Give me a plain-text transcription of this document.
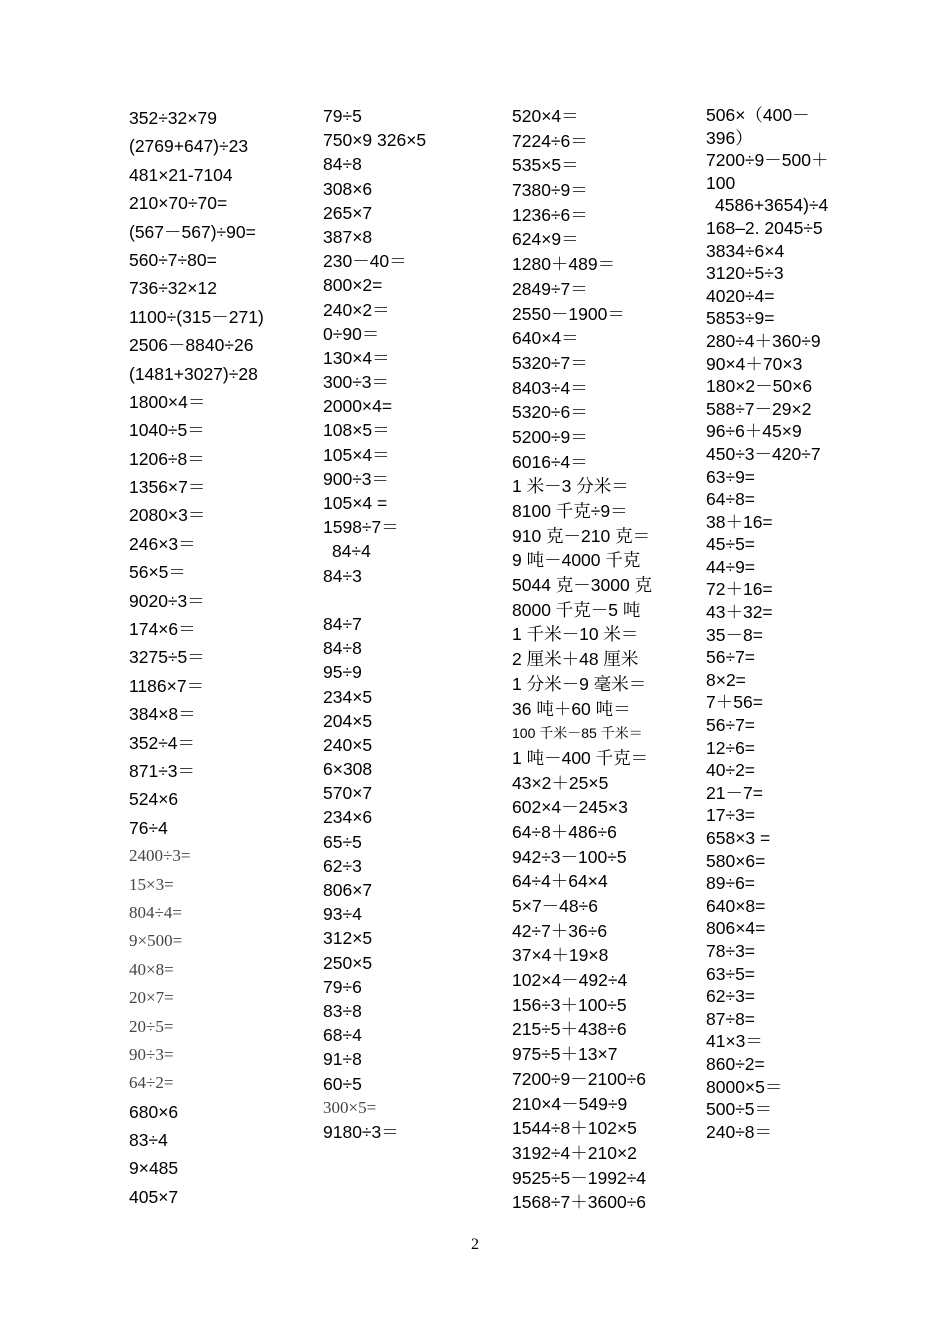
352÷32×79
(2769+647)÷23
481×21-7104
210×70÷70=
(567－567)÷90=
560÷7÷80=
736÷32×12
1100÷(315－271)
2506－8840÷26
(1481+3027)÷28
1800×4＝
1040÷5＝
1206÷8＝
1356×7＝
2080×3＝
246×3＝
56×5＝
9020÷3＝
174×6＝
3275÷5＝
1186×7＝
384×8＝
352÷4＝
871÷3＝
524×6
76÷4
2400÷3=
15×3=
804÷4=
9×500=
40×8=
20×7=
20÷5=
90÷3=
64÷2=
680×6
83÷4
9×485
405×7
79÷5
750×9 326×5
84÷8
308×6
265×7
387×8
230－40＝
800×2=
240×2＝
0÷90＝
130×4＝
300÷3＝
2000×4=
108×5＝
105×4＝
900÷3＝
105×4 =
1598÷7＝
84÷4
84÷3
84÷7
84÷8
95÷9
234×5
204×5
240×5
6×308
570×7
234×6
65÷5
62÷3
806×7
93÷4
312×5
250×5
79÷6
83÷8
68÷4
91÷8
60÷5
300×5=
9180÷3＝
520×4＝
7224÷6＝
535×5＝
7380÷9＝
1236÷6＝
624×9＝
1280＋489＝
2849÷7＝
2550－1900＝
640×4＝
5320÷7＝
8403÷4＝
5320÷6＝
5200÷9＝
6016÷4＝
1 米－3 分米＝
8100 千克÷9＝
910 克－210 克＝
9 吨－4000 千克
5044 克－3000 克
8000 千克－5 吨
1 千米－10 米＝
2 厘米＋48 厘米
1 分米－9 毫米＝
36 吨＋60 吨＝
100 千米－85 千米＝
1 吨－400 千克＝
43×2＋25×5
602×4－245×3
64÷8＋486÷6
942÷3－100÷5
64÷4＋64×4
5×7－48÷6
42÷7＋36÷6
37×4＋19×8
102×4－492÷4
156÷3＋100÷5
215÷5＋438÷6
975÷5＋13×7
7200÷9－2100÷6
210×4－549÷9
1544÷8＋102×5
3192÷4＋210×2
9525÷5－1992÷4
1568÷7＋3600÷6
506×（400－
396）
7200÷9－500＋
100
4586+3654)÷4
168–2. 2045÷5
3834÷6×4
3120÷5÷3
4020÷4=
5853÷9=
280÷4＋360÷9
90×4＋70×3
180×2－50×6
588÷7－29×2
96÷6＋45×9
450÷3－420÷7
63÷9=
64÷8=
38＋16=
45÷5=
44÷9=
72＋16=
43＋32=
35－8=
56÷7=
8×2=
7＋56=
56÷7=
12÷6=
40÷2=
21－7=
17÷3=
658×3 =
580×6=
89÷6=
640×8=
806×4=
78÷3=
63÷5=
62÷3=
87÷8=
41×3＝
860÷2=
8000×5＝
500÷5＝
240÷8＝
2
